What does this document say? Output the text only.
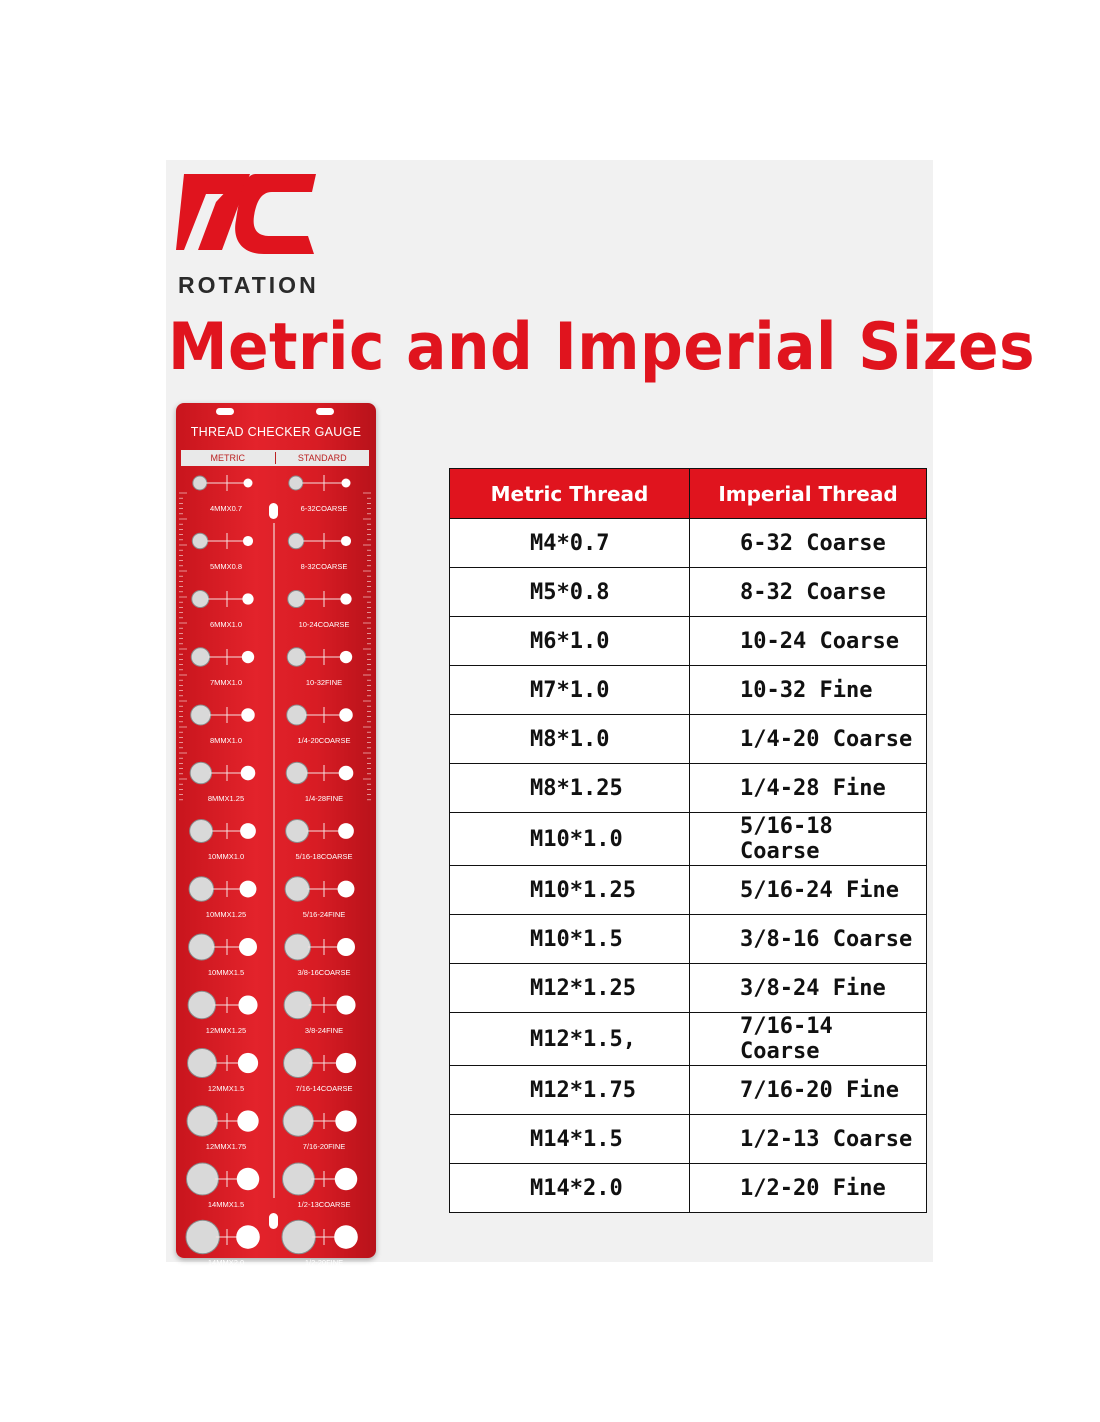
ROTATION
Metric and Imperial Sizes
THREAD CHECKER GAUGE
METRIC	STANDARD
4MMX0.7	6-32COARSE
5MMX0.8	8-32COARSE
6MMX1.0	10-24COARSE
7MMX1.0	10-32FINE
8MMX1.0	1/4-20COARSE
8MMX1.25	1/4-28FINE
10MMX1.0	5/16-18COARSE
10MMX1.25	5/16-24FINE
10MMX1.5	3/8-16COARSE
12MMX1.25	3/8-24FINE
12MMX1.5	7/16-14COARSE
12MMX1.75	7/16-20FINE
14MMX1.5	1/2-13COARSE
14MMX2.0	1/2-20FINE
Metric Thread	Imperial Thread
M4*0.7	6-32 Coarse
M5*0.8	8-32 Coarse
M6*1.0	10-24 Coarse
M7*1.0	10-32 Fine
M8*1.0	1/4-20 Coarse
M8*1.25	1/4-28 Fine
M10*1.0	5/16-18 Coarse
M10*1.25	5/16-24 Fine
M10*1.5	3/8-16 Coarse
M12*1.25	3/8-24 Fine
M12*1.5,	7/16-14 Coarse
M12*1.75	7/16-20 Fine
M14*1.5	1/2-13 Coarse
M14*2.0	1/2-20 Fine
